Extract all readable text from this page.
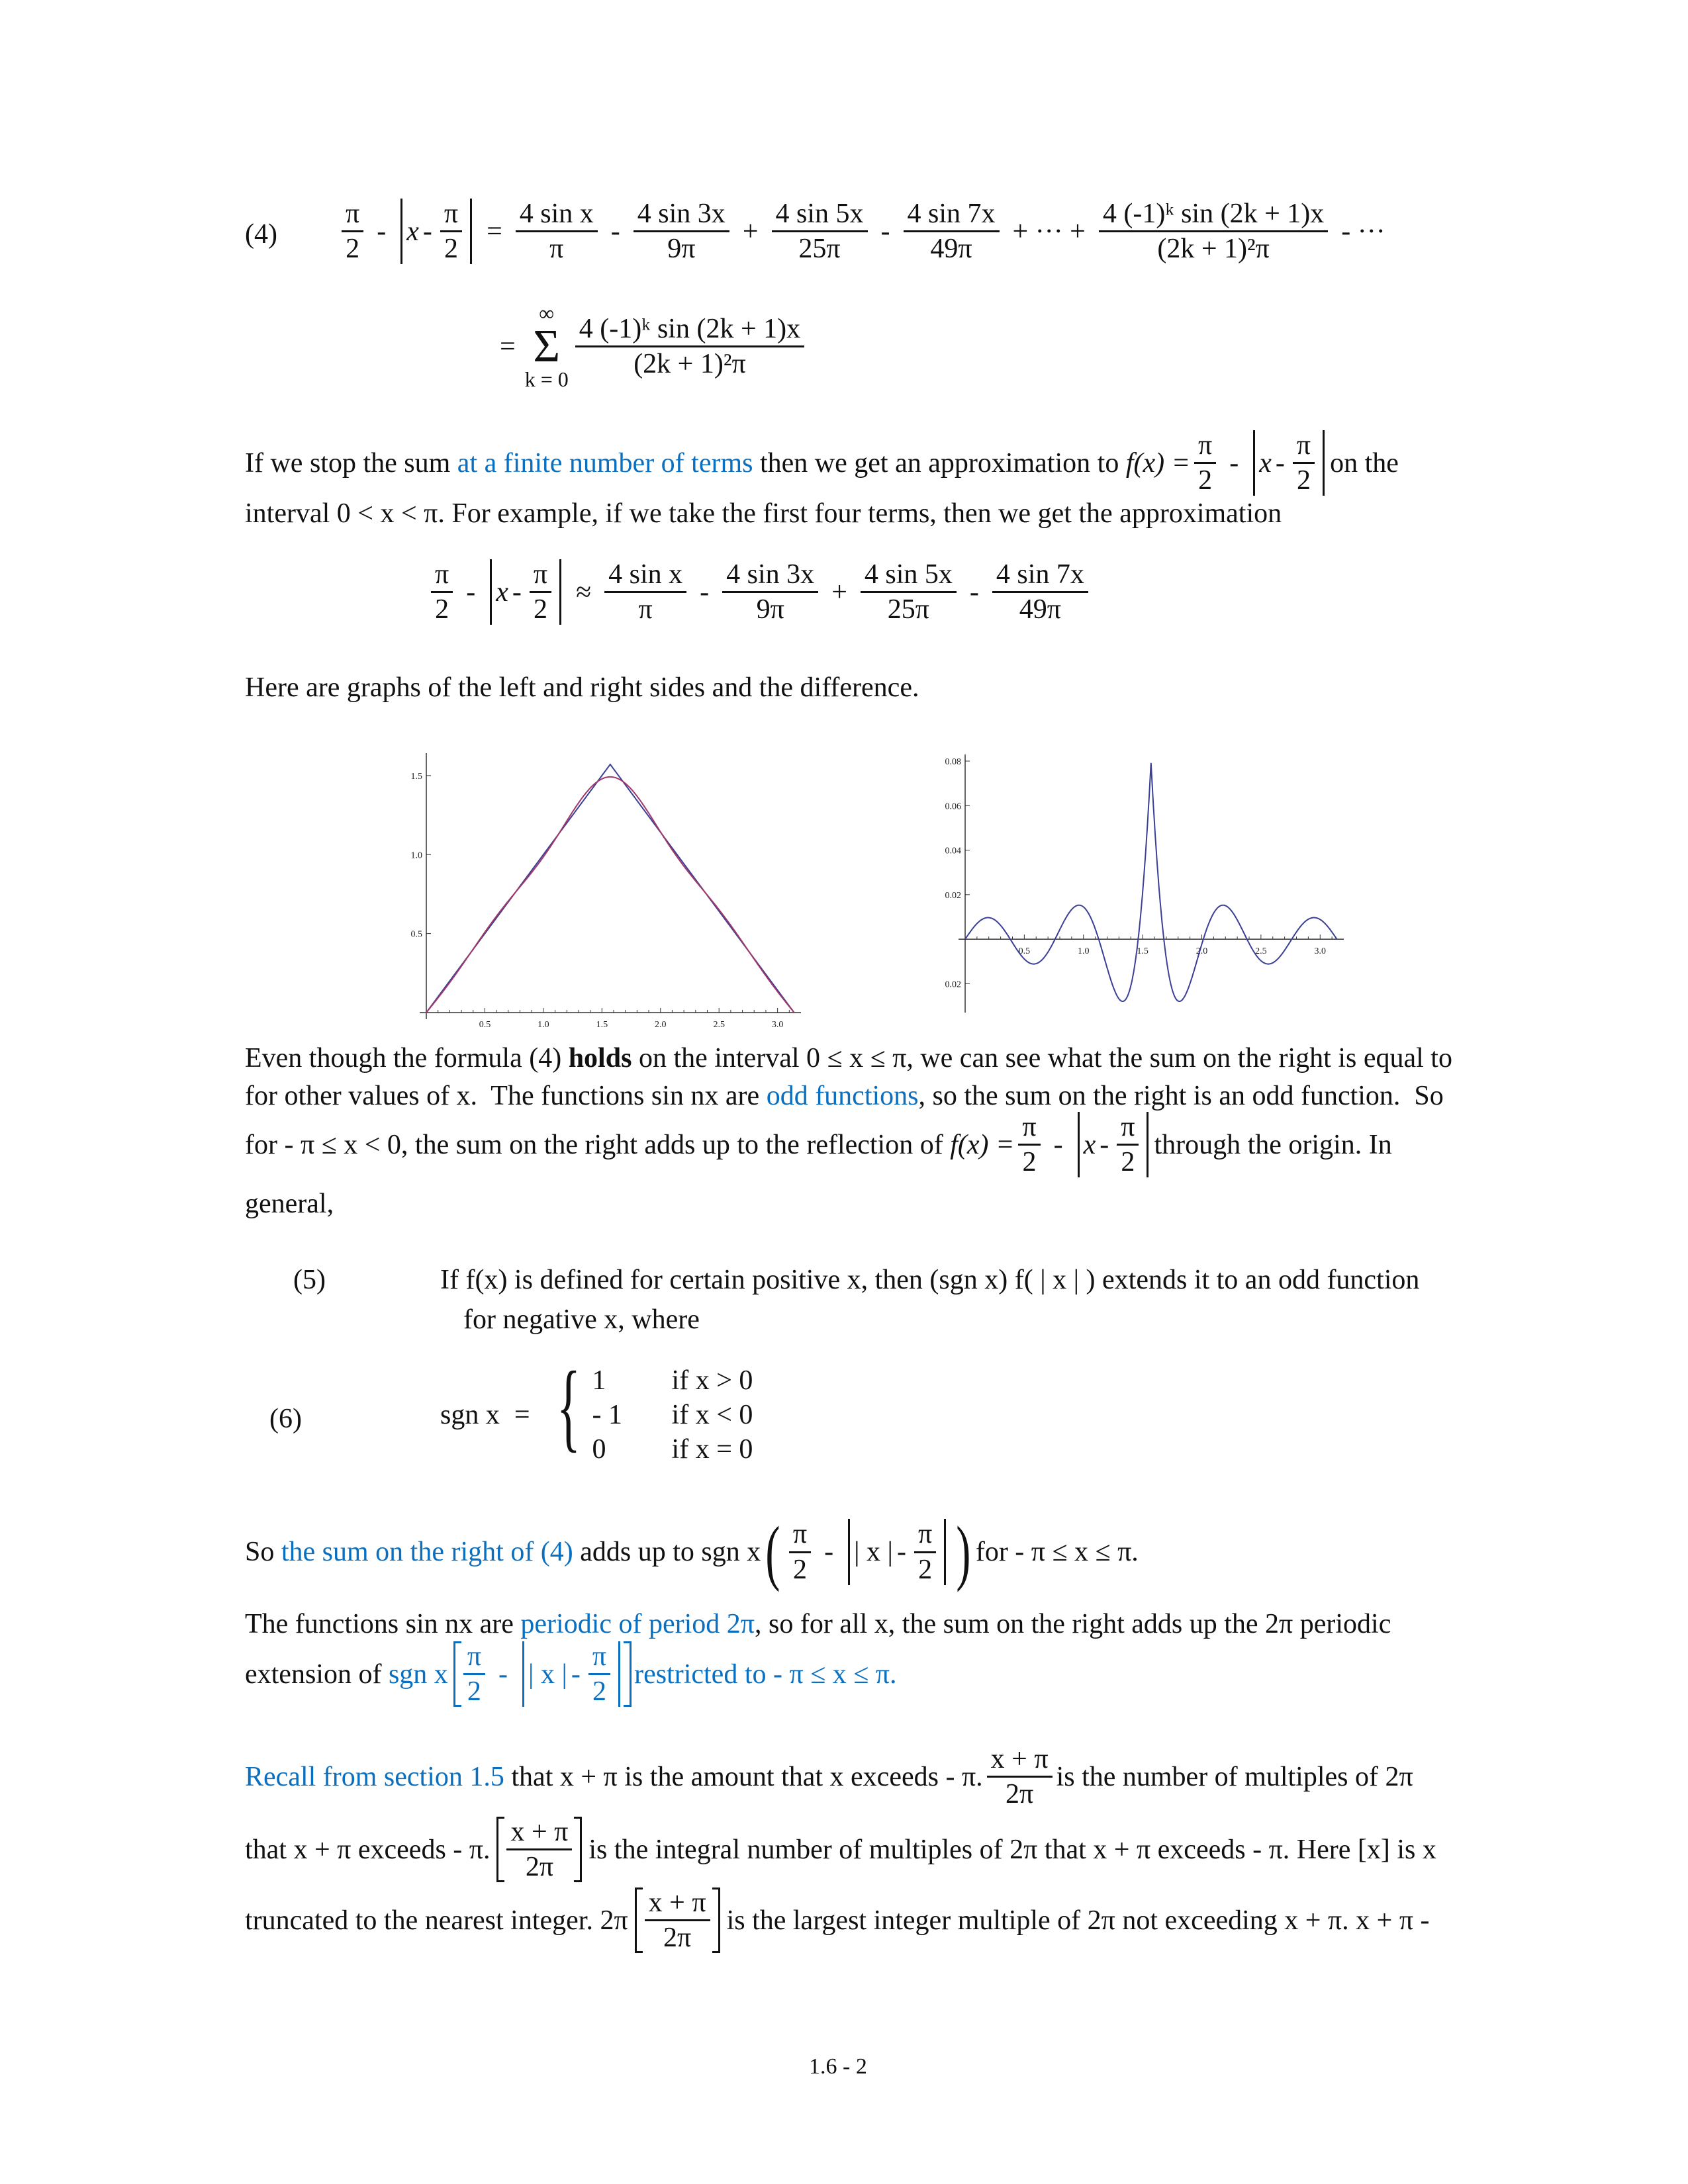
$(4) \frac{\pi}{2} - x - \frac{\pi}{2} = \frac{\text{4 sin x}}{\pi} - \frac{4 \sin 3x}{9\pi} + \frac{4 \sin 5x}{25\pi} - \frac{4 \sin 7x}{49\pi}$ + ··· + $\frac{\text{4 (-1)ᵏ sin (2k + 1)x}}{\text{(2k + 1)²π}}$ - ···
=
∞
Σ
$k = 0 \frac{\text{4 (-1)ᵏ sin (2k + 1)x}}{\text{(2k + 1)²π}}$
If we stop the sum at a finite number of terms then we get an approximation to $f(x) = \frac{\pi}{2} - x - \frac{\pi}{2}$ on the
interval 0 < x < π. For example, if we take the first four terms, then we get the approximation
$\frac{\pi}{2} - x - \frac{\pi}{2} \approx \frac{\text{4 sin x}}{\pi} - \frac{4 \sin 3x}{9\pi} + \frac{4 \sin 5x}{25\pi} - \frac{4 \sin 7x}{49\pi}$
Here are graphs of the left and right sides and the difference.
0.5	1.0	1.5	2.0	2.5	3.0
0.5
1.0
1.5
0.5	1.0	1.5	2.0	2.5	3.0
0.08
0.06
0.04
0.02
0.02
Even though the formula (4) holds on the interval 0 ≤ x ≤ π, we can see what the sum on the right is equal to
for other values of x.  The functions sin nx are odd functions, so the sum on the right is an odd function.  So
for - π ≤ x < 0, the sum on the right adds up to the reflection of $f(x) = \frac{\pi}{2} - x - \frac{\pi}{2}$ through the origin. In
general,
(5)	If f(x) is defined for certain positive x, then (sgn x) f( | x | ) extends it to an odd function
for negative x, where
(6)	sgn x = { 1	if x > 0
- 1	if x < 0
0	if x = 0
So the sum on the right of (4) adds up to sgn x ( $\frac{\pi}{2}$ - | x | - $\frac{\pi}{2}$ ) for - π ≤ x ≤ π.
The functions sin nx are periodic of period 2π, so for all x, the sum on the right adds up the 2π periodic
extension of sgn x $\frac{\pi}{2}$ - | x | - $\frac{\pi}{2}$ restricted to - π ≤ x ≤ π.
Recall from section 1.5 that x + π is the amount that x exceeds - π. $\frac{x + \pi}{2\pi}$ is the number of multiples of 2π
that x + π exceeds - π. $\frac{x + \pi}{2\pi}$ is the integral number of multiples of 2π that x + π exceeds - π. Here [x] is x
truncated to the nearest integer. $2\pi \frac{x + \pi}{2\pi}$ is the largest integer multiple of 2π not exceeding x + π. x + π -
1.6 - 2
